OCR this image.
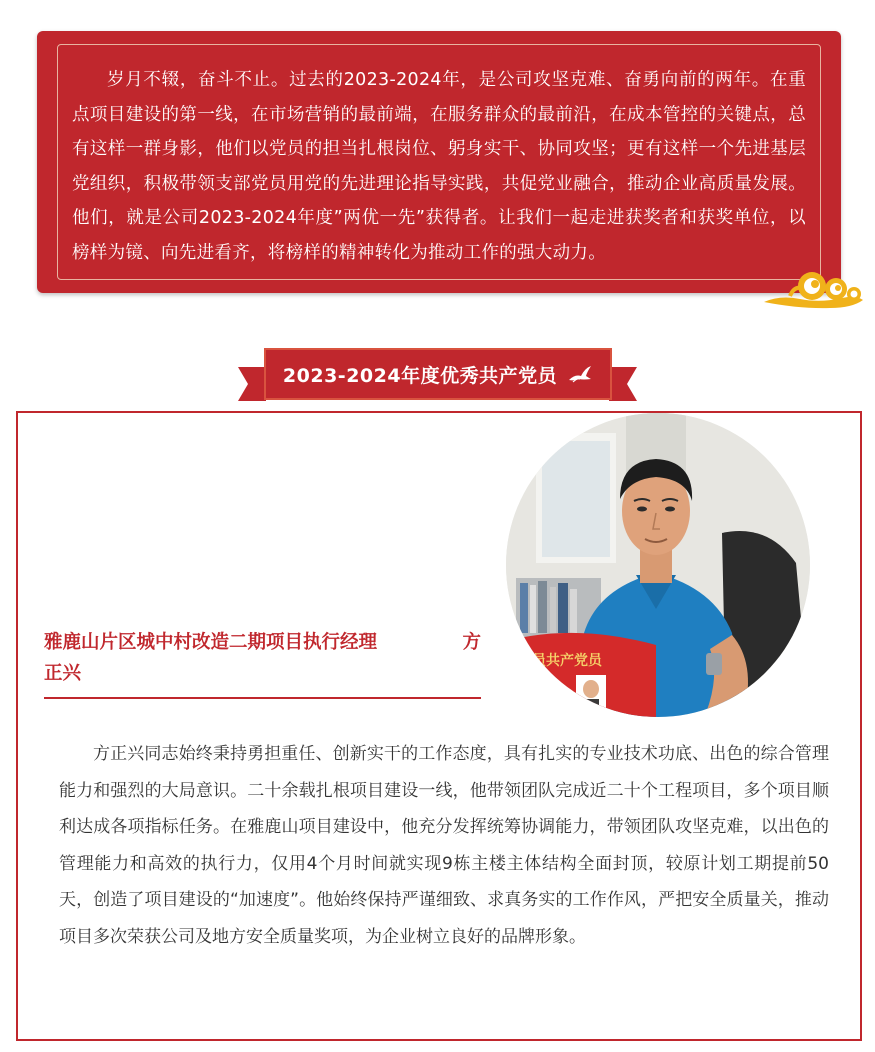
岁月不辍，奋斗不止。过去的2023-2024年，是公司攻坚克难、奋勇向前的两年。在重点项目建设的第一线，在市场营销的最前端，在服务群众的最前沿，在成本管控的关键点，总有这样一群身影，他们以党员的担当扎根岗位、躬身实干、协同攻坚；更有这样一个先进基层党组织，积极带领支部党员用党的先进理论指导实践，共促党业融合，推动企业高质量发展。他们，就是公司2023-2024年度”两优一先”获得者。让我们一起走进获奖者和获奖单位，以榜样为镜、向先进看齐，将榜样的精神转化为推动工作的强大动力。

2023-2024年度优秀共产党员
员共产党员
雅鹿山片区城中村改造二期项目执行经理	方
正兴

方正兴同志始终秉持勇担重任、创新实干的工作态度，具有扎实的专业技术功底、出色的综合管理能力和强烈的大局意识。二十余载扎根项目建设一线，他带领团队完成近二十个工程项目，多个项目顺利达成各项指标任务。在雅鹿山项目建设中，他充分发挥统筹协调能力，带领团队攻坚克难，以出色的管理能力和高效的执行力，仅用4个月时间就实现9栋主楼主体结构全面封顶，较原计划工期提前50天，创造了项目建设的“加速度”。他始终保持严谨细致、求真务实的工作作风，严把安全质量关，推动项目多次荣获公司及地方安全质量奖项，为企业树立良好的品牌形象。
